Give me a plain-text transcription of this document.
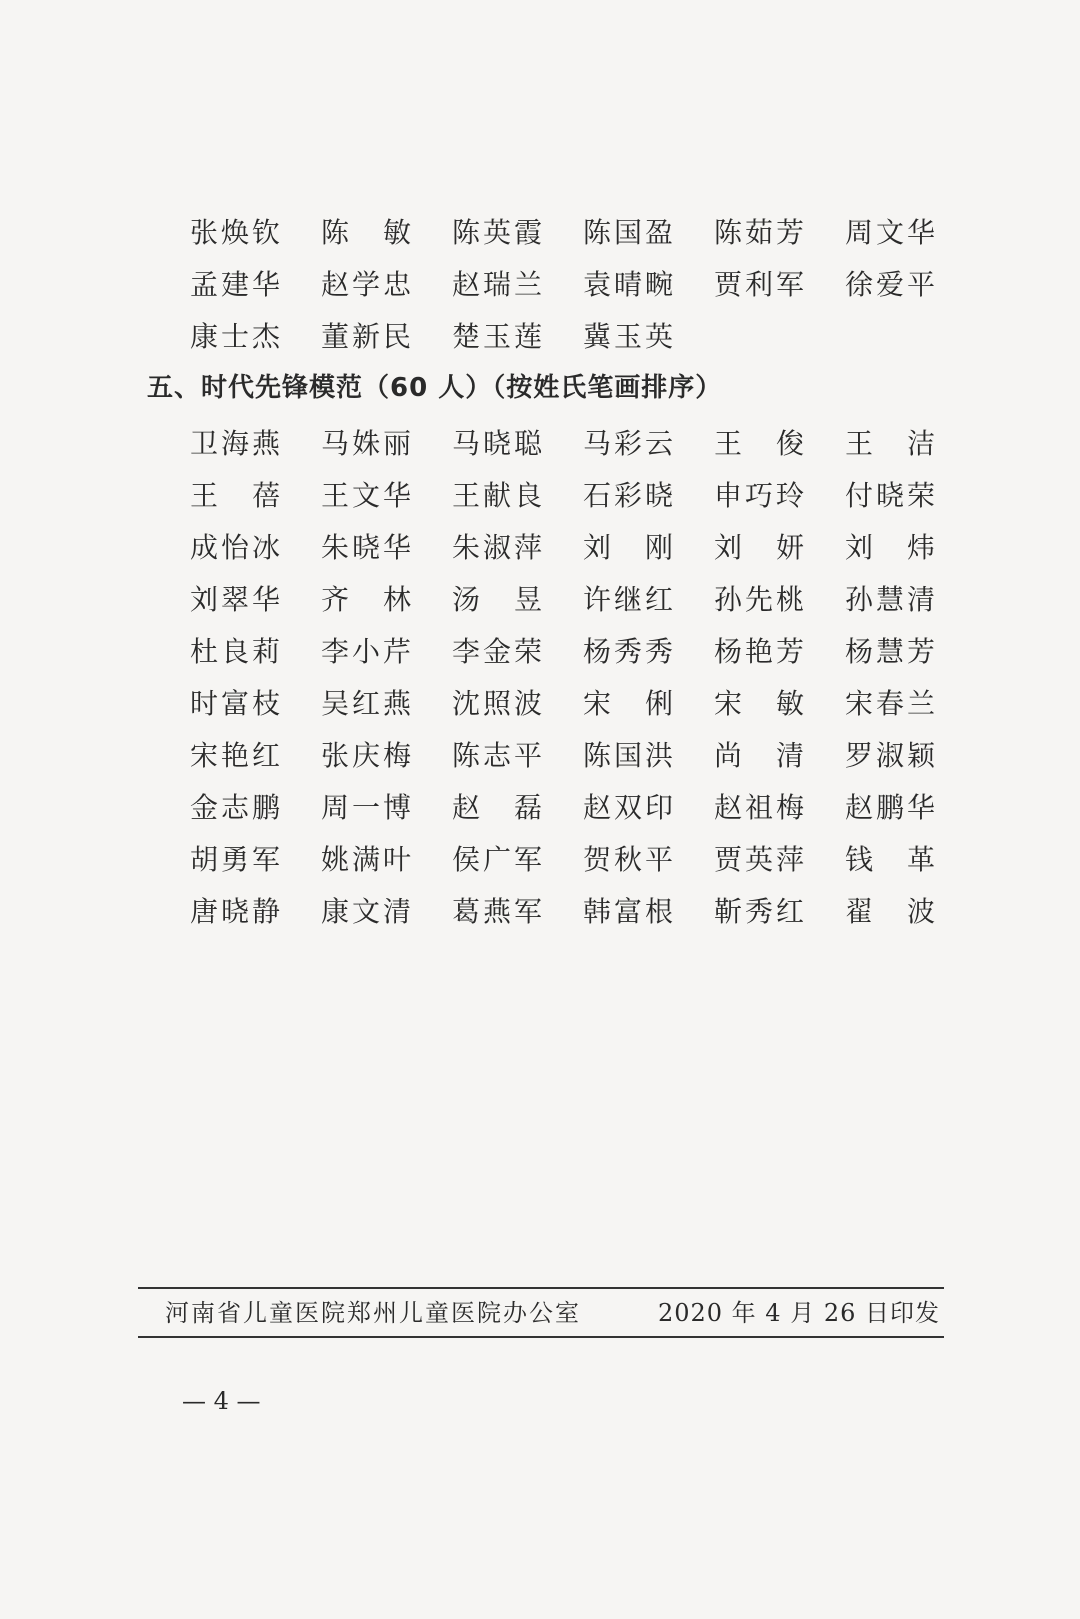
张焕钦	陈　敏	陈英霞	陈国盈	陈茹芳	周文华
孟建华	赵学忠	赵瑞兰	袁晴畹	贾利军	徐爱平
康士杰	董新民	楚玉莲	冀玉英
五、时代先锋模范（60 人）（按姓氏笔画排序）
卫海燕	马姝丽	马晓聪	马彩云	王　俊	王　洁
王　蓓	王文华	王献良	石彩晓	申巧玲	付晓荣
成怡冰	朱晓华	朱淑萍	刘　刚	刘　妍	刘　炜
刘翠华	齐　林	汤　昱	许继红	孙先桃	孙慧清
杜良莉	李小芹	李金荣	杨秀秀	杨艳芳	杨慧芳
时富枝	吴红燕	沈照波	宋　俐	宋　敏	宋春兰
宋艳红	张庆梅	陈志平	陈国洪	尚　清	罗淑颖
金志鹏	周一博	赵　磊	赵双印	赵祖梅	赵鹏华
胡勇军	姚满叶	侯广军	贺秋平	贾英萍	钱　革
唐晓静	康文清	葛燕军	韩富根	靳秀红	翟　波
河南省儿童医院郑州儿童医院办公室	2020 年 4 月 26 日印发
— 4 —
